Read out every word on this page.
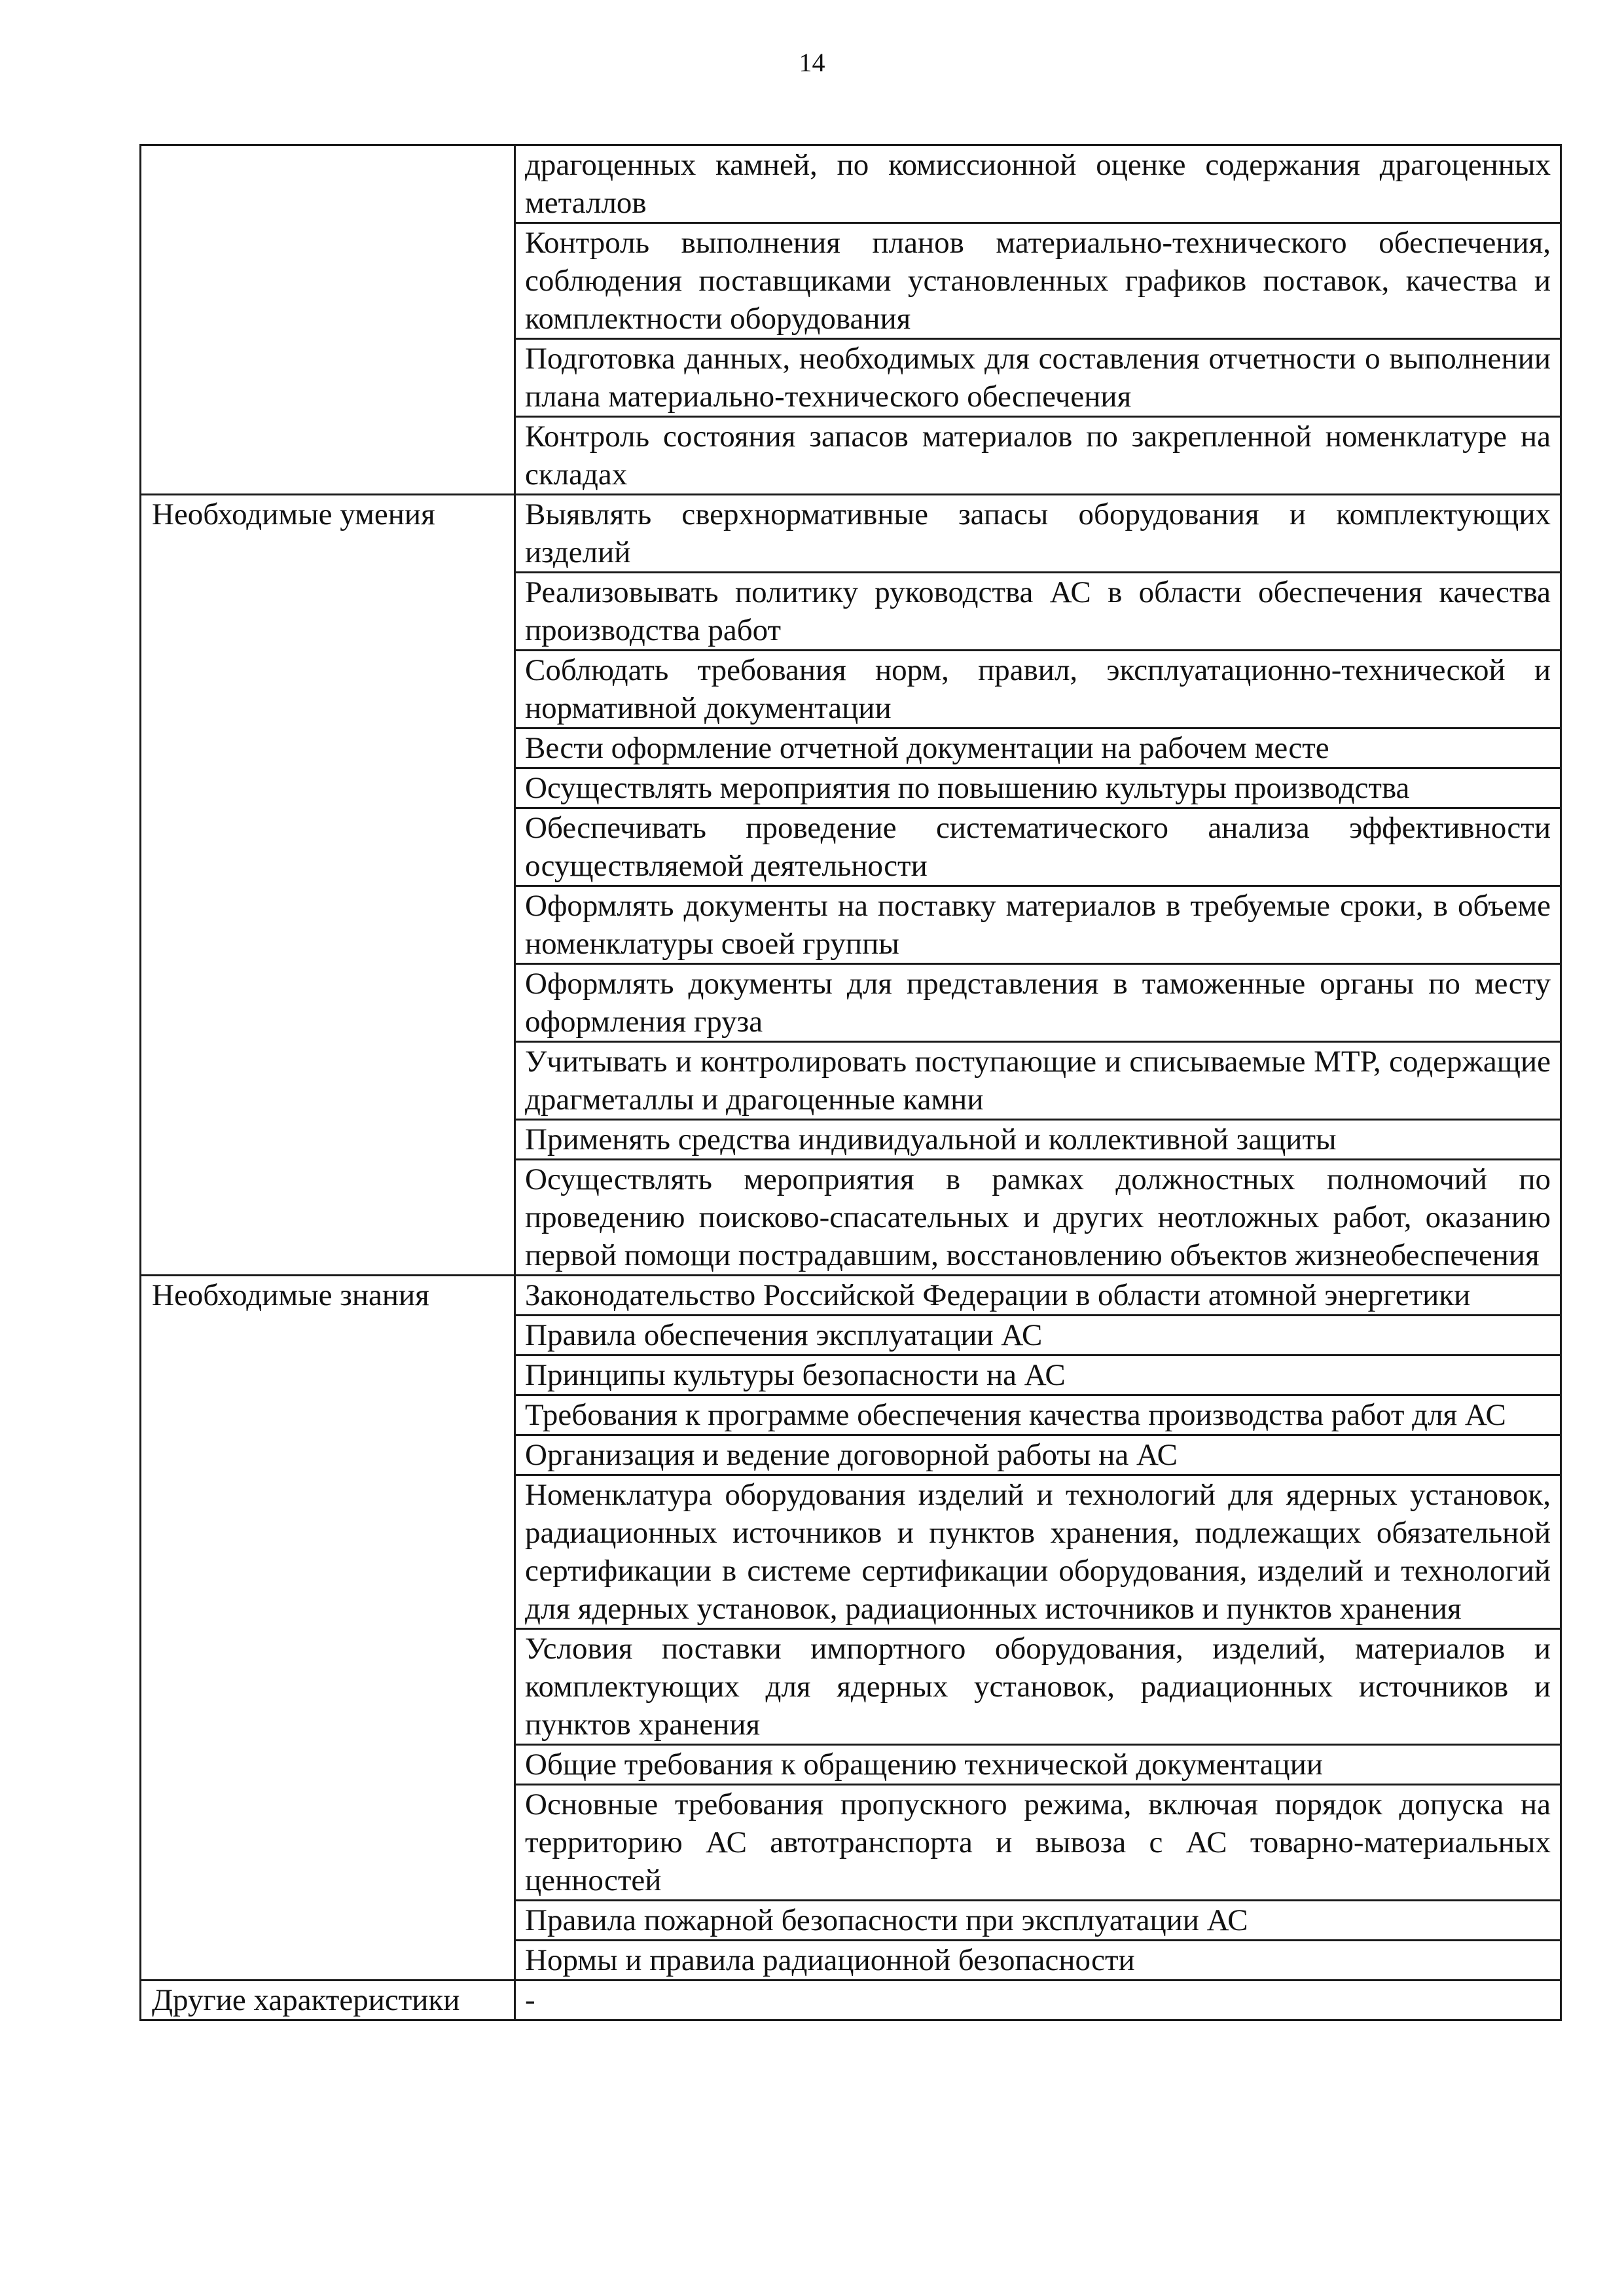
14
	драгоценных камней, по комиссионной оценке содержания драгоценных металлов
	Контроль выполнения планов материально-технического обеспечения, соблюдения поставщиками установленных графиков поставок, качества и комплектности оборудования
	Подготовка данных, необходимых для составления отчетности о выполнении плана материально-технического обеспечения
	Контроль состояния запасов материалов по закрепленной номенклатуре на складах
Необходимые умения	Выявлять сверхнормативные запасы оборудования и комплектующих изделий
	Реализовывать политику руководства АС в области обеспечения качества производства работ
	Соблюдать требования норм, правил, эксплуатационно-технической и нормативной документации
	Вести оформление отчетной документации на рабочем месте
	Осуществлять мероприятия по повышению культуры производства
	Обеспечивать проведение систематического анализа эффективности осуществляемой деятельности
	Оформлять документы на поставку материалов в требуемые сроки, в объеме номенклатуры своей группы
	Оформлять документы для представления в таможенные органы по месту оформления груза
	Учитывать и контролировать поступающие и списываемые МТР, содержащие драгметаллы и драгоценные камни
	Применять средства индивидуальной и коллективной защиты
	Осуществлять мероприятия в рамках должностных полномочий по проведению поисково-спасательных и других неотложных работ, оказанию первой помощи пострадавшим, восстановлению объектов жизнеобеспечения
Необходимые знания	Законодательство Российской Федерации в области атомной энергетики
	Правила обеспечения эксплуатации АС
	Принципы культуры безопасности на АС
	Требования к программе обеспечения качества производства работ для АС
	Организация и ведение договорной работы на АС
	Номенклатура оборудования изделий и технологий для ядерных установок, радиационных источников и пунктов хранения, подлежащих обязательной сертификации в системе сертификации оборудования, изделий и технологий для ядерных установок, радиационных источников и пунктов хранения
	Условия поставки импортного оборудования, изделий, материалов и комплектующих для ядерных установок, радиационных источников и пунктов хранения
	Общие требования к обращению технической документации
	Основные требования пропускного режима, включая порядок допуска на территорию АС автотранспорта и вывоза с АС товарно-материальных ценностей
	Правила пожарной безопасности при эксплуатации АС
	Нормы и правила радиационной безопасности
Другие характеристики	-
